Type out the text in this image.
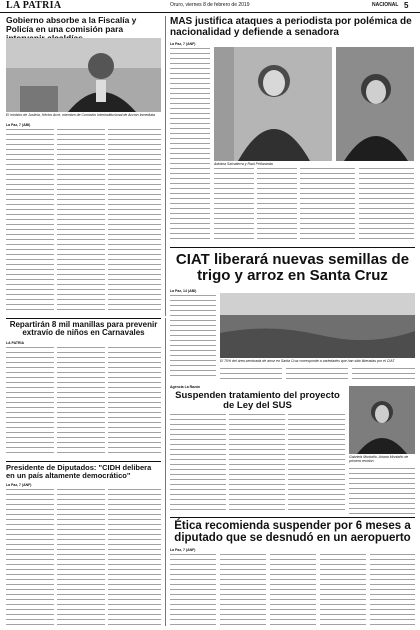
LA PATRIA	Oruro, viernes 8 de febrero de 2019	NACIONAL 5
Gobierno absorbe a la Fiscalía y Policía en una comisión para
El ministro de Justicia, Héctor Arce, miembro de Comisión Interinstitucional de Acción Inmediata
La Paz, 7 (ABI)
MAS justifica ataques a periodista por polémica de nacionalidad y defiende a senadora
La Paz, 7 (ANF)
Adriana Salvatierra y Raúl Peñaranda
CIAT liberará nuevas semillas de trigo y arroz en Santa Cruz
La Paz, 14 (ABI)
El 70% del área sembrada de arroz en Santa Cruz corresponde a variedades que han sido liberadas por el CIAT
Repartirán 8 mil manillas para prevenir extravío de niños en Carnavales
LA PATRIA
Presidente de Diputados: "CIDH delibera en un país altamente democrático"
La Paz, 7 (ANF)
Agencia La Razón
Suspenden tratamiento del proyecto de Ley del SUS
Gabriela Montaño, Ariana Montaño de primera reunión
Ética recomienda suspender por 6 meses a diputado que se desnudó en un aeropuerto
La Paz, 7 (ANF)
